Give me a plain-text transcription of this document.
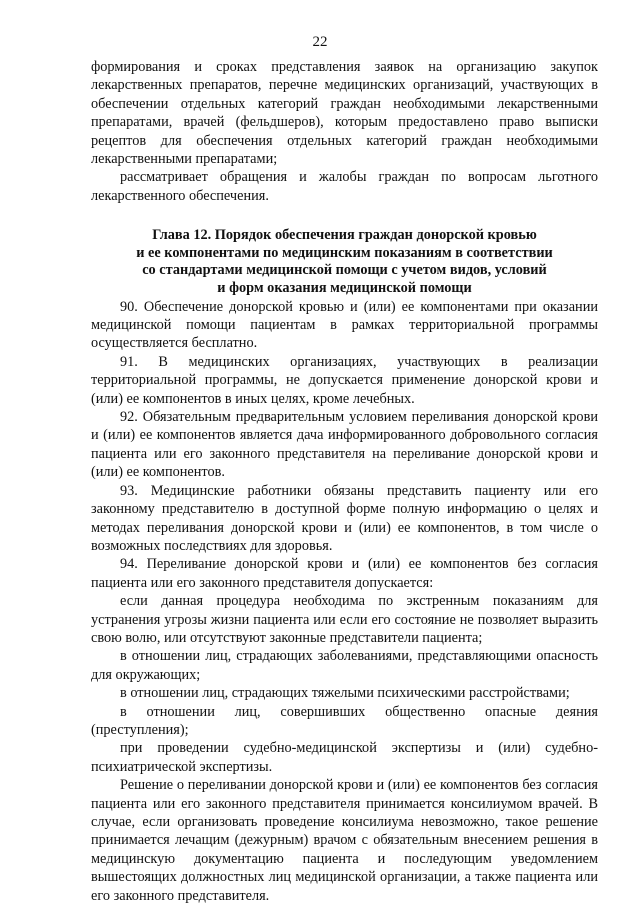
22

формирования и сроках представления заявок на организацию закупок лекарственных препаратов, перечне медицинских организаций, участвующих в обеспечении отдельных категорий граждан необходимыми лекарственными препаратами, врачей (фельдшеров), которым предоставлено право выписки рецептов для обеспечения отдельных категорий граждан необходимыми лекарственными препаратами;

рассматривает обращения и жалобы граждан по вопросам льготного лекарственного обеспечения.

Глава 12. Порядок обеспечения граждан донорской кровью
и ее компонентами по медицинским показаниям в соответствии
со стандартами медицинской помощи с учетом видов, условий
и форм оказания медицинской помощи

90. Обеспечение донорской кровью и (или) ее компонентами при оказании медицинской помощи пациентам в рамках территориальной программы осуществляется бесплатно.

91. В медицинских организациях, участвующих в реализации территориальной программы, не допускается применение донорской крови и (или) ее компонентов в иных целях, кроме лечебных.

92. Обязательным предварительным условием переливания донорской крови и (или) ее компонентов является дача информированного добровольного согласия пациента или его законного представителя на переливание донорской крови и (или) ее компонентов.

93. Медицинские работники обязаны представить пациенту или его законному представителю в доступной форме полную информацию о целях и методах переливания донорской крови и (или) ее компонентов, в том числе о возможных последствиях для здоровья.

94. Переливание донорской крови и (или) ее компонентов без согласия пациента или его законного представителя допускается:

если данная процедура необходима по экстренным показаниям для устранения угрозы жизни пациента или если его состояние не позволяет выразить свою волю, или отсутствуют законные представители пациента;

в отношении лиц, страдающих заболеваниями, представляющими опасность для окружающих;

в отношении лиц, страдающих тяжелыми психическими расстройствами;

в отношении лиц, совершивших общественно опасные деяния (преступления);

при проведении судебно-медицинской экспертизы и (или) судебно-психиатрической экспертизы.

Решение о переливании донорской крови и (или) ее компонентов без согласия пациента или его законного представителя принимается консилиумом врачей. В случае, если организовать проведение консилиума невозможно, такое решение принимается лечащим (дежурным) врачом с обязательным внесением решения в медицинскую документацию пациента и последующим уведомлением вышестоящих должностных лиц медицинской организации, а также пациента или его законного представителя.
